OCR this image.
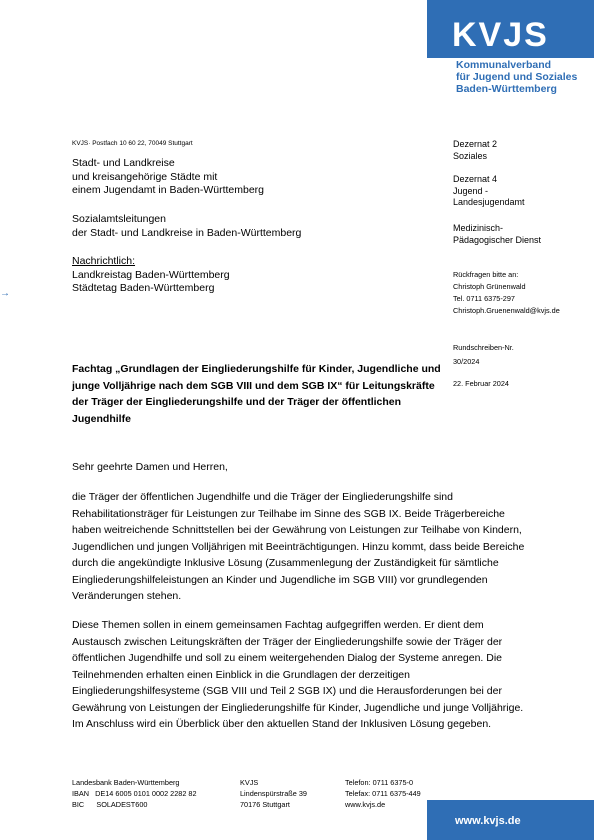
KVJS
Kommunalverband
für Jugend und Soziales
Baden-Württemberg
KVJS· Postfach 10 60 22, 70049 Stuttgart
Stadt- und Landkreise
und kreisangehörige Städte mit
einem Jugendamt in Baden-Württemberg
Sozialamtsleitungen
der Stadt- und Landkreise in Baden-Württemberg
Nachrichtlich:
Landkreistag Baden-Württemberg
Städtetag Baden-Württemberg
→
Dezernat 2
Soziales
Dezernat 4
Jugend -
Landesjugendamt
Medizinisch-
Pädagogischer Dienst
Rückfragen bitte an:
Christoph Grünenwald
Tel. 0711 6375-297
Christoph.Gruenenwald@kvjs.de
Rundschreiben-Nr.
30/2024
22. Februar 2024
Fachtag „Grundlagen der Eingliederungshilfe für Kinder, Jugendliche und junge Volljährige nach dem SGB VIII und dem SGB IX“ für Leitungskräfte der Träger der Eingliederungshilfe und der Träger der öffentlichen Jugendhilfe
Sehr geehrte Damen und Herren,
die Träger der öffentlichen Jugendhilfe und die Träger der Eingliederungshilfe sind Rehabilitationsträger für Leistungen zur Teilhabe im Sinne des SGB IX. Beide Trägerbereiche haben weitreichende Schnittstellen bei der Gewährung von Leistungen zur Teilhabe von Kindern, Jugendlichen und jungen Volljährigen mit Beeinträchtigungen. Hinzu kommt, dass beide Bereiche durch die angekündigte Inklusive Lösung (Zusammenlegung der Zuständigkeit für sämtliche Eingliederungshilfeleistungen an Kinder und Jugendliche im SGB VIII) vor grundlegenden Veränderungen stehen.
Diese Themen sollen in einem gemeinsamen Fachtag aufgegriffen werden. Er dient dem Austausch zwischen Leitungskräften der Träger der Eingliederungshilfe sowie der Träger der öffentlichen Jugendhilfe und soll zu einem weitergehenden Dialog der Systeme anregen. Die Teilnehmenden erhalten einen Einblick in die Grundlagen der derzeitigen Eingliederungshilfesysteme (SGB VIII und Teil 2 SGB IX) und die Herausforderungen bei der Gewährung von Leistungen der Eingliederungshilfe für Kinder, Jugendliche und junge Volljährige. Im Anschluss wird ein Überblick über den aktuellen Stand der Inklusiven Lösung gegeben.
Landesbank Baden-Württemberg
IBAN   DE14 6005 0101 0002 2282 82
BIC      SOLADEST600
KVJS
Lindenspürstraße 39
70176 Stuttgart
Telefon: 0711 6375-0
Telefax: 0711 6375-449
www.kvjs.de
www.kvjs.de
